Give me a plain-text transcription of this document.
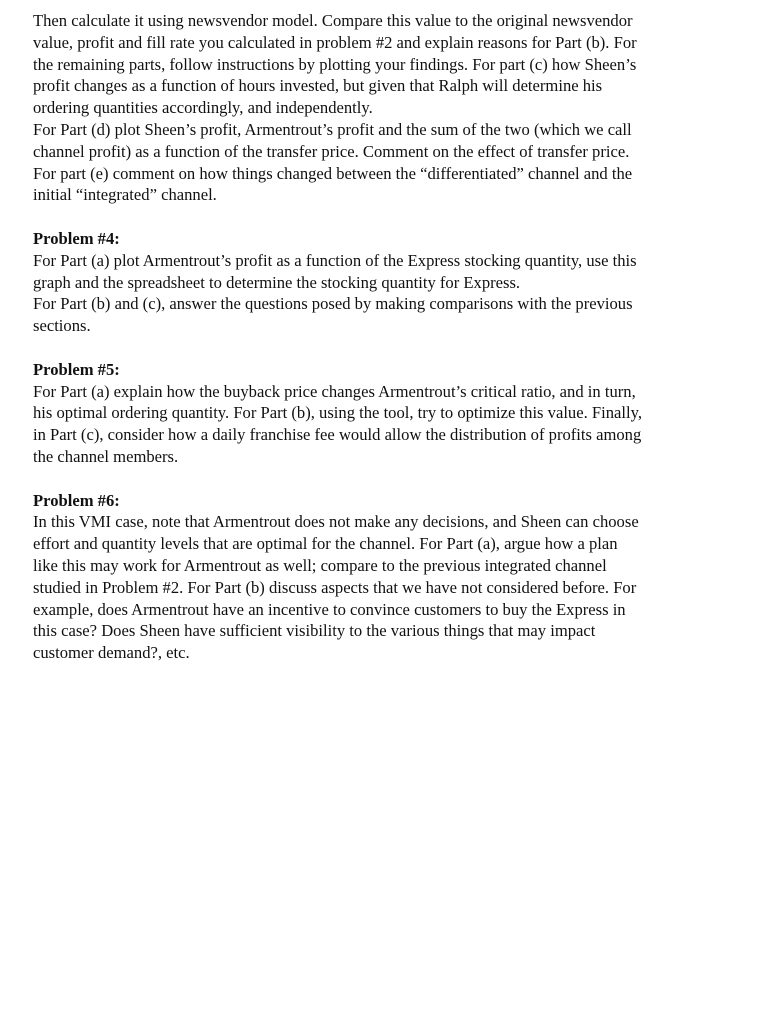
Then calculate it using newsvendor model. Compare this value to the original newsvendor
value, profit and fill rate you calculated in problem #2 and explain reasons for Part (b). For
the remaining parts, follow instructions by plotting your findings. For part (c) how Sheen’s
profit changes as a function of hours invested, but given that Ralph will determine his
ordering quantities accordingly, and independently.

For Part (d) plot Sheen’s profit, Armentrout’s profit and the sum of the two (which we call
channel profit) as a function of the transfer price. Comment on the effect of transfer price.
For part (e) comment on how things changed between the “differentiated” channel and the
initial “integrated” channel.

Problem #4:

For Part (a) plot Armentrout’s profit as a function of the Express stocking quantity, use this
graph and the spreadsheet to determine the stocking quantity for Express.
For Part (b) and (c), answer the questions posed by making comparisons with the previous
sections.

Problem #5:

For Part (a) explain how the buyback price changes Armentrout’s critical ratio, and in turn,
his optimal ordering quantity. For Part (b), using the tool, try to optimize this value. Finally,
in Part (c), consider how a daily franchise fee would allow the distribution of profits among
the channel members.

Problem #6:

In this VMI case, note that Armentrout does not make any decisions, and Sheen can choose
effort and quantity levels that are optimal for the channel. For Part (a), argue how a plan
like this may work for Armentrout as well; compare to the previous integrated channel
studied in Problem #2. For Part (b) discuss aspects that we have not considered before. For
example, does Armentrout have an incentive to convince customers to buy the Express in
this case? Does Sheen have sufficient visibility to the various things that may impact
customer demand?, etc.
